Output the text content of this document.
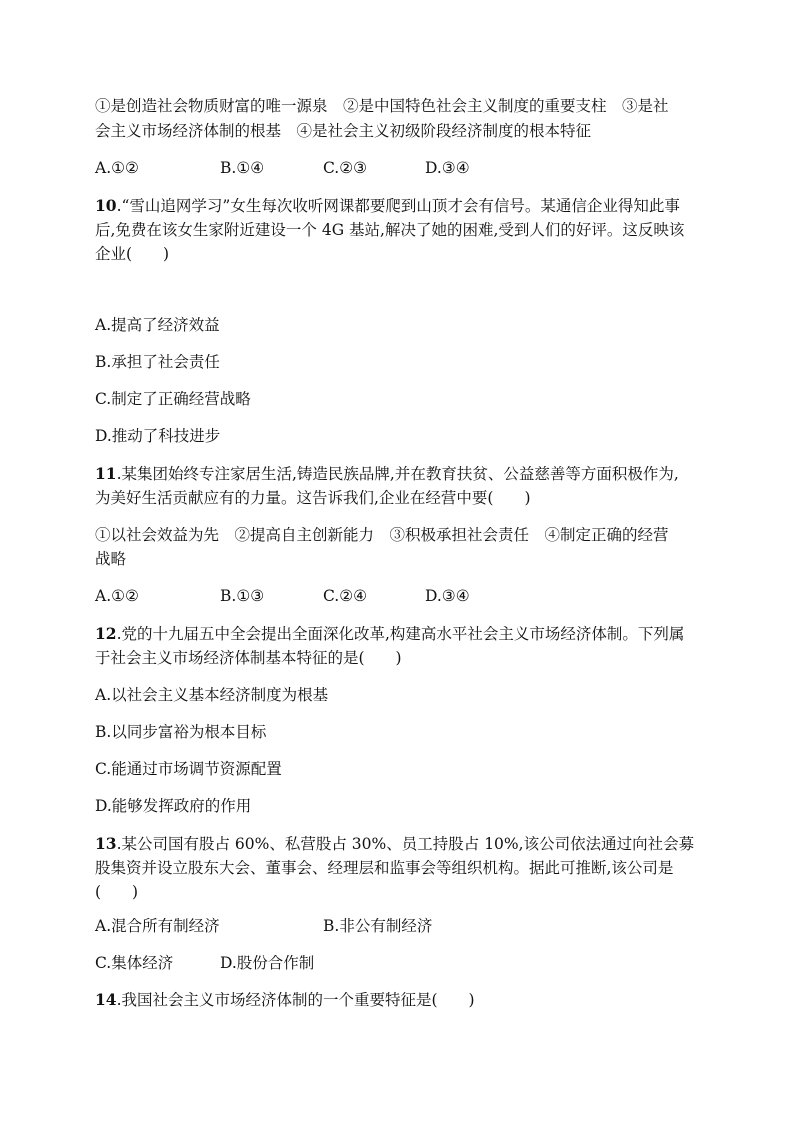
①是创造社会物质财富的唯一源泉　②是中国特色社会主义制度的重要支柱　③是社
会主义市场经济体制的根基　④是社会主义初级阶段经济制度的根本特征
A.①②	B.①④	C.②③	D.③④
10.“雪山追网学习”女生每次收听网课都要爬到山顶才会有信号。某通信企业得知此事
后,免费在该女生家附近建设一个 4G 基站,解决了她的困难,受到人们的好评。这反映该
企业(　　)
A.提高了经济效益
B.承担了社会责任
C.制定了正确经营战略
D.推动了科技进步
11.某集团始终专注家居生活,铸造民族品牌,并在教育扶贫、公益慈善等方面积极作为,
为美好生活贡献应有的力量。这告诉我们,企业在经营中要(　　)
①以社会效益为先　②提高自主创新能力　③积极承担社会责任　④制定正确的经营
战略
A.①②	B.①③	C.②④	D.③④
12.党的十九届五中全会提出全面深化改革,构建高水平社会主义市场经济体制。下列属
于社会主义市场经济体制基本特征的是(　　)
A.以社会主义基本经济制度为根基
B.以同步富裕为根本目标
C.能通过市场调节资源配置
D.能够发挥政府的作用
13.某公司国有股占 60%、私营股占 30%、员工持股占 10%,该公司依法通过向社会募
股集资并设立股东大会、董事会、经理层和监事会等组织机构。据此可推断,该公司是
(　　)
A.混合所有制经济	B.非公有制经济
C.集体经济	D.股份合作制
14.我国社会主义市场经济体制的一个重要特征是(　　)
